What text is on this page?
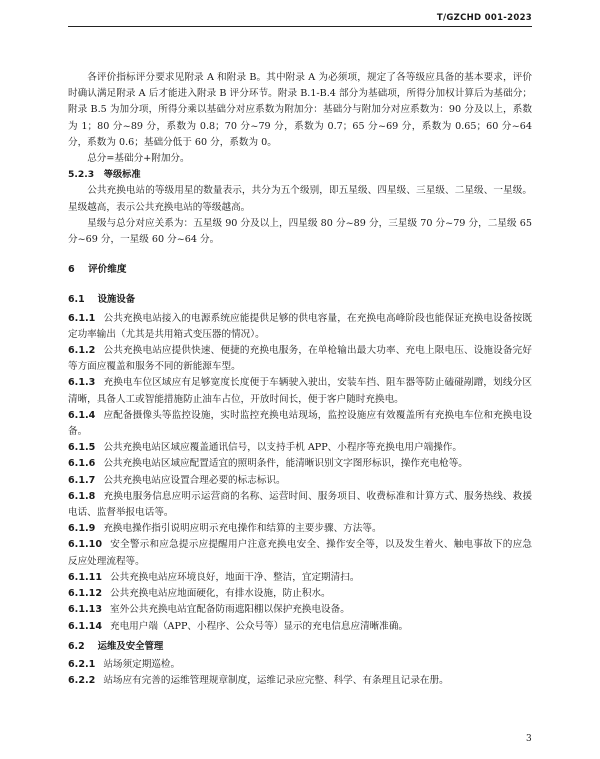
T/GZCHD 001-2023

各评价指标评分要求见附录 A 和附录 B。其中附录 A 为必须项，规定了各等级应具备的基本要求，评价时确认满足附录 A 后才能进入附录 B 评分环节。附录 B.1-B.4 部分为基础项，所得分加权计算后为基础分；附录 B.5 为加分项，所得分乘以基础分对应系数为附加分：基础分与附加分对应系数为：90 分及以上，系数为 1；80 分~89 分，系数为 0.8；70 分~79 分，系数为 0.7；65 分~69 分，系数为 0.65；60 分~64 分，系数为 0.6；基础分低于 60 分，系数为 0。

总分=基础分+附加分。

5.2.3 等级标准

公共充换电站的等级用星的数量表示，共分为五个级别，即五星级、四星级、三星级、二星级、一星级。星级越高，表示公共充换电站的等级越高。

星级与总分对应关系为：五星级 90 分及以上，四星级 80 分~89 分，三星级 70 分~79 分，二星级 65 分~69 分，一星级 60 分~64 分。

6 评价维度

6.1 设施设备

6.1.1 公共充换电站接入的电源系统应能提供足够的供电容量，在充换电高峰阶段也能保证充换电设备按既定功率输出（尤其是共用箱式变压器的情况）。

6.1.2 公共充换电站应提供快速、便捷的充换电服务，在单枪输出最大功率、充电上限电压、设施设备完好等方面应覆盖和服务不同的新能源车型。

6.1.3 充换电车位区域应有足够宽度长度便于车辆驶入驶出，安装车挡、阻车器等防止磕碰剐蹭，划线分区清晰，具备人工或智能措施防止油车占位，开放时间长，便于客户随时充换电。

6.1.4 应配备摄像头等监控设施，实时监控充换电站现场，监控设施应有效覆盖所有充换电车位和充换电设备。

6.1.5 公共充换电站区域应覆盖通讯信号，以支持手机 APP、小程序等充换电用户端操作。

6.1.6 公共充换电站区域应配置适宜的照明条件，能清晰识别文字图形标识，操作充电枪等。

6.1.7 公共充换电站应设置合理必要的标志标识。

6.1.8 充换电服务信息应明示运营商的名称、运营时间、服务项目、收费标准和计算方式、服务热线、救援电话、监督举报电话等。

6.1.9 充换电操作指引说明应明示充电操作和结算的主要步骤、方法等。

6.1.10 安全警示和应急提示应提醒用户注意充换电安全、操作安全等，以及发生着火、触电事故下的应急反应处理流程等。

6.1.11 公共充换电站应环境良好，地面干净、整洁，宜定期清扫。

6.1.12 公共充换电站应地面硬化，有排水设施，防止积水。

6.1.13 室外公共充换电站宜配备防雨遮阳棚以保护充换电设备。

6.1.14 充电用户端（APP、小程序、公众号等）显示的充电信息应清晰准确。

6.2 运维及安全管理

6.2.1 站场须定期巡检。

6.2.2 站场应有完善的运维管理规章制度，运维记录应完整、科学、有条理且记录在册。

3
